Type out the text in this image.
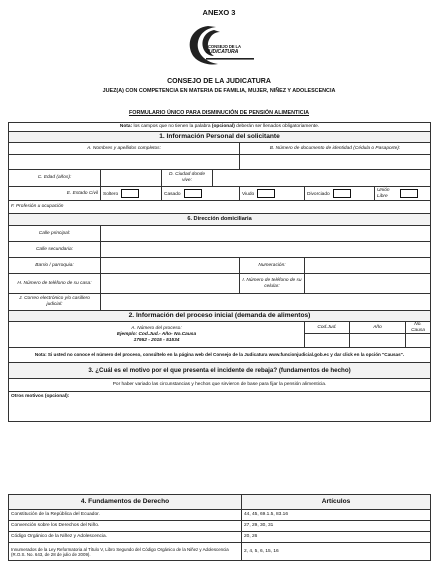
ANEXO 3
CONSEJO DE LA
JUDICATURA
CONSEJO DE LA JUDICATURA
JUEZ(A) CON COMPETENCIA EN MATERIA DE FAMILIA, MUJER, NIÑEZ Y ADOLESCENCIA
FORMULARIO ÚNICO PARA DISMINUCIÓN DE PENSIÓN ALIMENTICIA
Nota: los campos que no tienen la palabra (opcional) deberán ser llenados obligatoriamente.								
1. Información Personal del solicitante								
A. Nombres y apellidos completos:				B. Número de documento de identidad (Cédula o Pasaporte):				

C. Edad (años):		D. Ciudad donde vive:						
E. Estado Civil	Soltero	Casado		Viudo	Divorciado		Unión Libre	
F. Profesión u ocupación								
6. Dirección domiciliaria								
Calle principal:								
Calle secundaria:								
Barrio / parroquia:				Numeración:				
H. Número de teléfono de su casa:				I. Número de teléfono de su celular:				
J. Correo electrónico y/o casillero judicial:								
2. Información del proceso inicial (demanda de alimentos)								

A. Número del proceso:
Ejemplo: Cod.Jud.- Año- No.Causa
17952 - 2015 - 51534					Cod.Jud.	Año		No. Causa

Nota: Si usted no conoce el número del proceso, consúltelo en la página web del Consejo de la Judicatura www.funcionjudicial.gob.ec y dar click en la opción "Causas".								
3. ¿Cuál es el motivo por el que presenta el incidente de rebaja? (fundamentos de hecho)								
Por haber variado las circunstancias y hechos que sirvieron de base para fijar la pensión alimenticia.								
Otros motivos (opcional):								
4. Fundamentos de Derecho	Artículos
Constitución de la República del Ecuador.	44, 45, 69.1.5, 83.16
Convención sobre los Derechos del Niño.	27, 29, 30, 31
Código Orgánico de la Niñez y Adolescencia.	20, 26
Innumerados de la Ley Reformatoria al Título V, Libro Segundo del Código Orgánico de la Niñez y Adolescencia (R.O.S. No. 643, de 28 de julio de 2009).	2, 4, 5, 6, 15, 16
